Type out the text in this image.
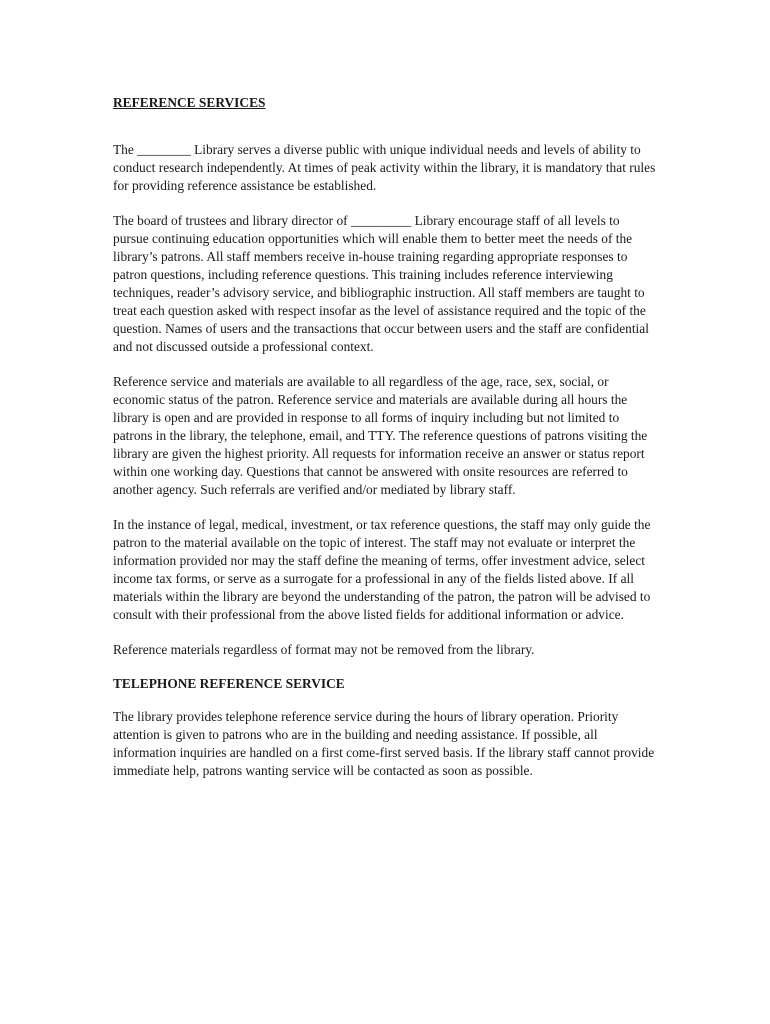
REFERENCE SERVICES

The ________ Library serves a diverse public with unique individual needs and levels of ability to conduct research independently. At times of peak activity within the library, it is mandatory that rules for providing reference assistance be established.

The board of trustees and library director of _________ Library encourage staff of all levels to pursue continuing education opportunities which will enable them to better meet the needs of the library’s patrons. All staff members receive in-house training regarding appropriate responses to patron questions, including reference questions. This training includes reference interviewing techniques, reader’s advisory service, and bibliographic instruction. All staff members are taught to treat each question asked with respect insofar as the level of assistance required and the topic of the question. Names of users and the transactions that occur between users and the staff are confidential and not discussed outside a professional context.

Reference service and materials are available to all regardless of the age, race, sex, social, or economic status of the patron. Reference service and materials are available during all hours the library is open and are provided in response to all forms of inquiry including but not limited to patrons in the library, the telephone, email, and TTY. The reference questions of patrons visiting the library are given the highest priority. All requests for information receive an answer or status report within one working day. Questions that cannot be answered with onsite resources are referred to another agency. Such referrals are verified and/or mediated by library staff.

In the instance of legal, medical, investment, or tax reference questions, the staff may only guide the patron to the material available on the topic of interest. The staff may not evaluate or interpret the information provided nor may the staff define the meaning of terms, offer investment advice, select income tax forms, or serve as a surrogate for a professional in any of the fields listed above. If all materials within the library are beyond the understanding of the patron, the patron will be advised to consult with their professional from the above listed fields for additional information or advice.

Reference materials regardless of format may not be removed from the library.

TELEPHONE REFERENCE SERVICE

The library provides telephone reference service during the hours of library operation. Priority attention is given to patrons who are in the building and needing assistance. If possible, all information inquiries are handled on a first come-first served basis. If the library staff cannot provide immediate help, patrons wanting service will be contacted as soon as possible.
